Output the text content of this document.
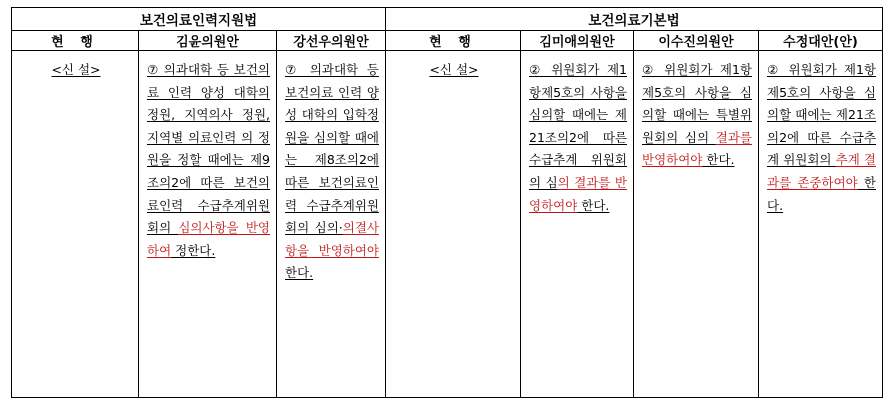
보건의료인력지원법			보건의료기본법			
현 행	김윤의원안	강선우의원안	현 행	김미애의원안	이수진의원안	수정대안(안)

<신 설>	⑦ 의과대학 등 보건의료 인력 양성 대학의 정원, 지역의사 정원, 지역별 의료인력 의 정원을 정할 때에는 제9조의2에 따른 보건의료인력 수급추계위원 회의 심의사항을 반영하여 정한다.	⑦ 의과대학 등 보건의료 인력 양성 대학의 입학정원을 심의할 때에는 제8조의2에 따른 보건의료인력 수급추계위원 회의 심의·의결사항을 반영하여야 한다.	<신 설>	② 위원회가 제1항제5호의 사항을 심의할 때에는 제21조의2에 따른 수급추계 위원회의 심의 결과를 반영하여야 한다.	② 위원회가 제1항제5호의 사항을 심의할 때에는 특별위원회의 심의 결과를 반영하여야 한다.	② 위원회가 제1항제5호의 사항을 심의할 때에는 제21조의2에 따른 수급추계 위원회의 추계 결과를 존중하여야 한다.
